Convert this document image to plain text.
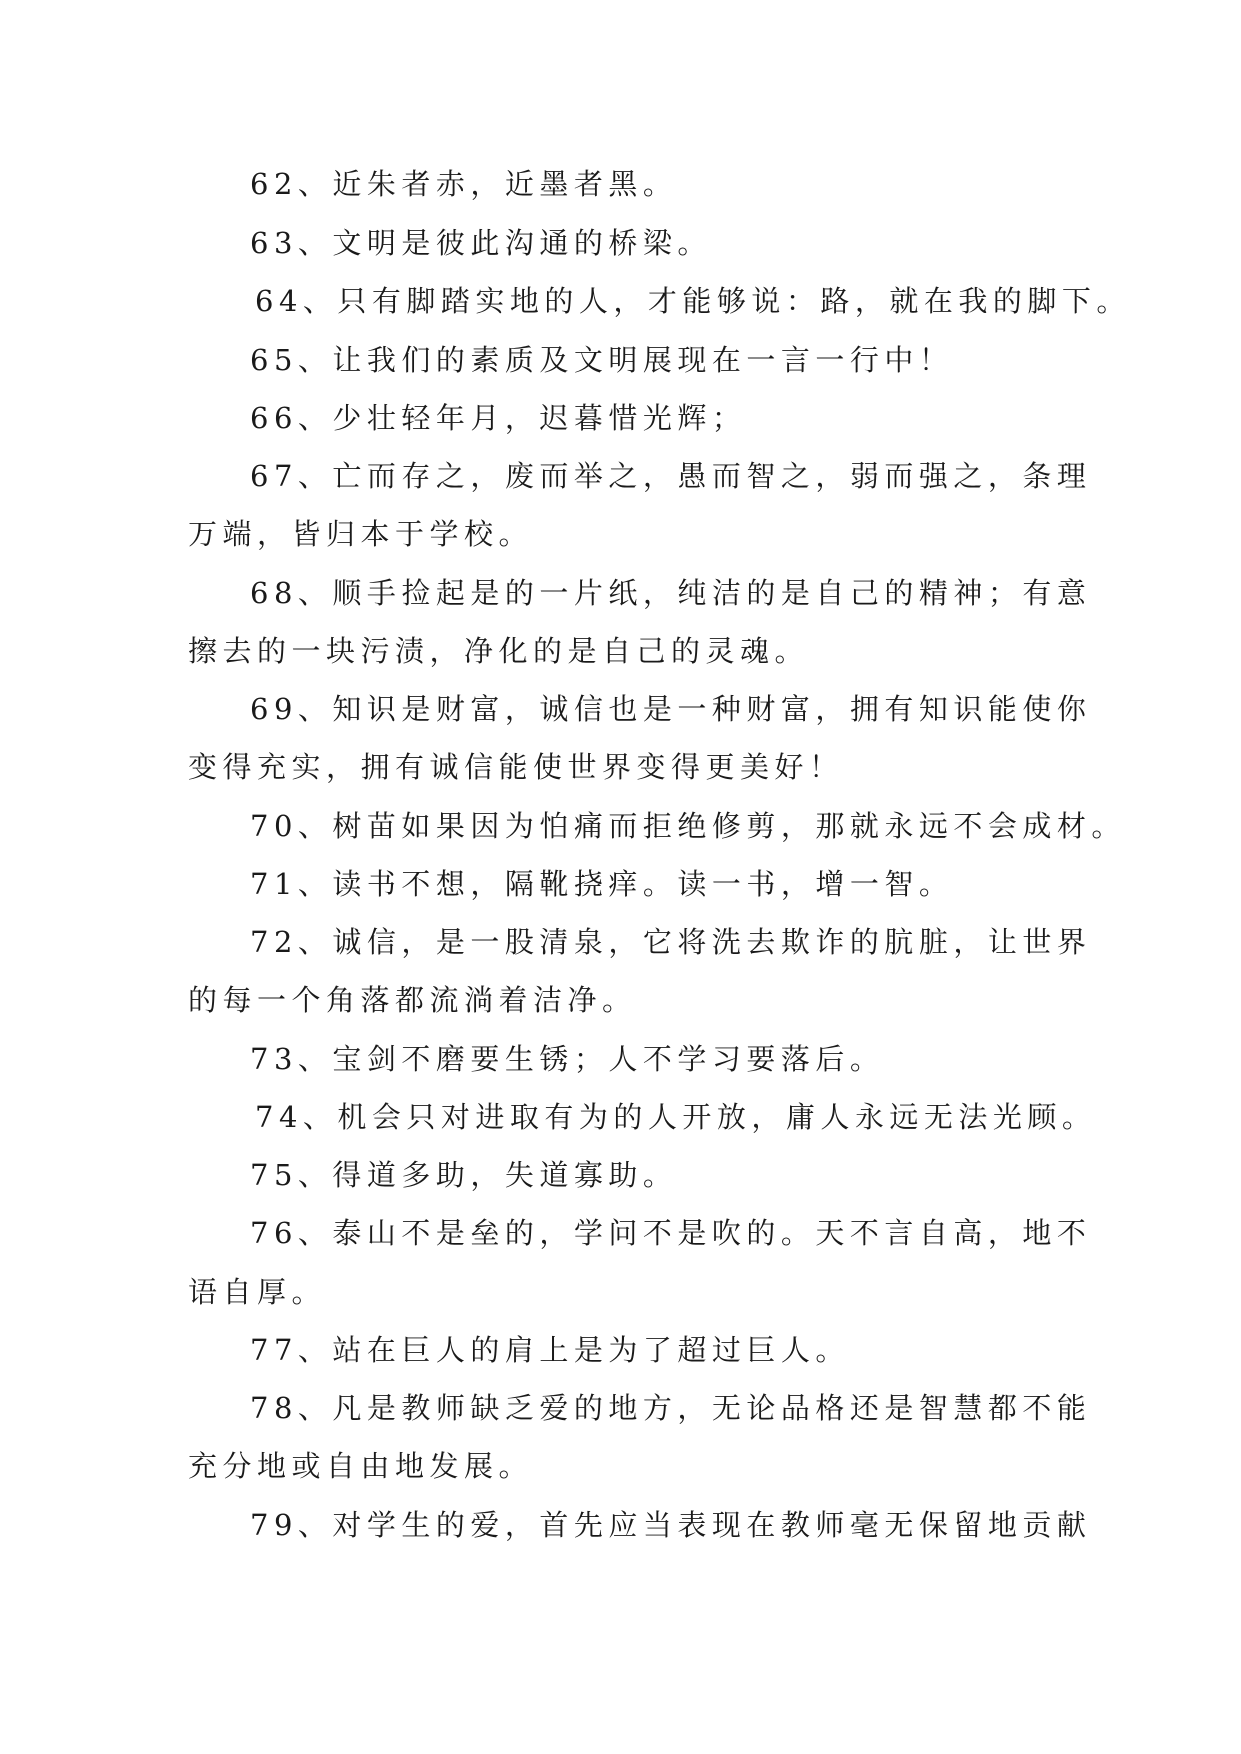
62、近朱者赤，近墨者黑。
63、文明是彼此沟通的桥梁。
64、只有脚踏实地的人，才能够说：路，就在我的脚下。
65、让我们的素质及文明展现在一言一行中！
66、少壮轻年月，迟暮惜光辉；
67、亡而存之，废而举之，愚而智之，弱而强之，条理
万端，皆归本于学校。
68、顺手捡起是的一片纸，纯洁的是自己的精神；有意
擦去的一块污渍，净化的是自己的灵魂。
69、知识是财富，诚信也是一种财富，拥有知识能使你
变得充实，拥有诚信能使世界变得更美好！
70、树苗如果因为怕痛而拒绝修剪，那就永远不会成材。
71、读书不想，隔靴挠痒。读一书，增一智。
72、诚信，是一股清泉，它将洗去欺诈的肮脏，让世界
的每一个角落都流淌着洁净。
73、宝剑不磨要生锈；人不学习要落后。
74、机会只对进取有为的人开放，庸人永远无法光顾。
75、得道多助，失道寡助。
76、泰山不是垒的，学问不是吹的。天不言自高，地不
语自厚。
77、站在巨人的肩上是为了超过巨人。
78、凡是教师缺乏爱的地方，无论品格还是智慧都不能
充分地或自由地发展。
79、对学生的爱，首先应当表现在教师毫无保留地贡献
